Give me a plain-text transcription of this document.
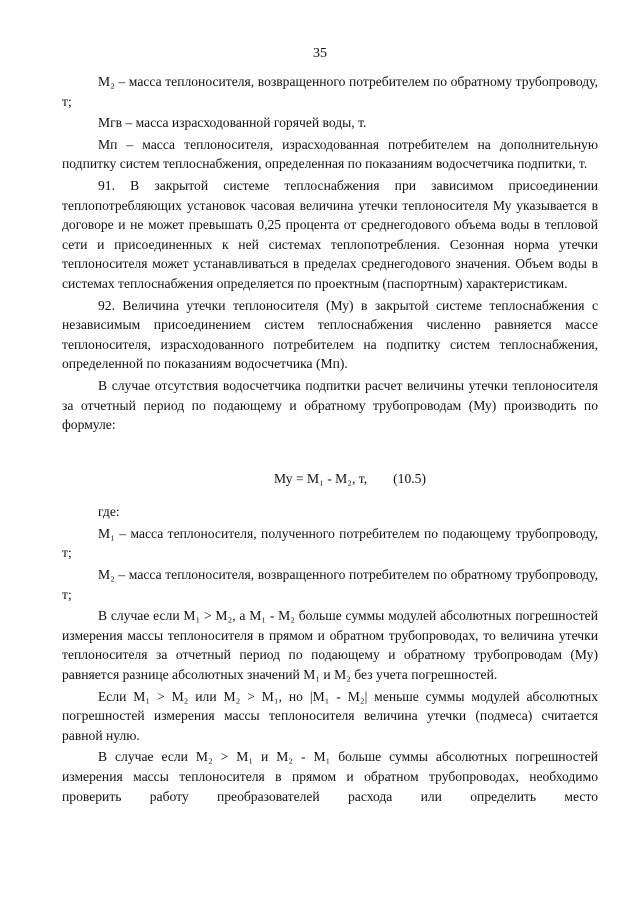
35

М₂ – масса теплоносителя, возвращенного потребителем по обратному трубопроводу, т;

Мгв – масса израсходованной горячей воды, т.

Мп – масса теплоносителя, израсходованная потребителем на дополнительную подпитку систем теплоснабжения, определенная по показаниям водосчетчика подпитки, т.

91. В закрытой системе теплоснабжения при зависимом присоединении теплопотребляющих установок часовая величина утечки теплоносителя Му указывается в договоре и не может превышать 0,25 процента от среднегодового объема воды в тепловой сети и присоединенных к ней системах теплопотребления. Сезонная норма утечки теплоносителя может устанавливаться в пределах среднегодового значения. Объем воды в системах теплоснабжения определяется по проектным (паспортным) характеристикам.

92. Величина утечки теплоносителя (Му) в закрытой системе теплоснабжения с независимым присоединением систем теплоснабжения численно равняется массе теплоносителя, израсходованного потребителем на подпитку систем теплоснабжения, определенной по показаниям водосчетчика (Мп).

В случае отсутствия водосчетчика подпитки расчет величины утечки теплоносителя за отчетный период по подающему и обратному трубопроводам (Му) производить по формуле:

Му = М₁ - М₂, т, (10.5)

где:

М₁ – масса теплоносителя, полученного потребителем по подающему трубопроводу, т;

М₂ – масса теплоносителя, возвращенного потребителем по обратному трубопроводу, т;

В случае если М₁ > М₂, а М₁ - М₂ больше суммы модулей абсолютных погрешностей измерения массы теплоносителя в прямом и обратном трубопроводах, то величина утечки теплоносителя за отчетный период по подающему и обратному трубопроводам (Му) равняется разнице абсолютных значений М₁ и М₂ без учета погрешностей.

Если М₁ > М₂ или М₂ > М₁, но |М₁ - М₂| меньше суммы модулей абсолютных погрешностей измерения массы теплоносителя величина утечки (подмеса) считается равной нулю.

В случае если М₂ > М₁ и М₂ - М₁ больше суммы абсолютных погрешностей измерения массы теплоносителя в прямом и обратном трубопроводах, необходимо проверить работу преобразователей расхода или определить место
